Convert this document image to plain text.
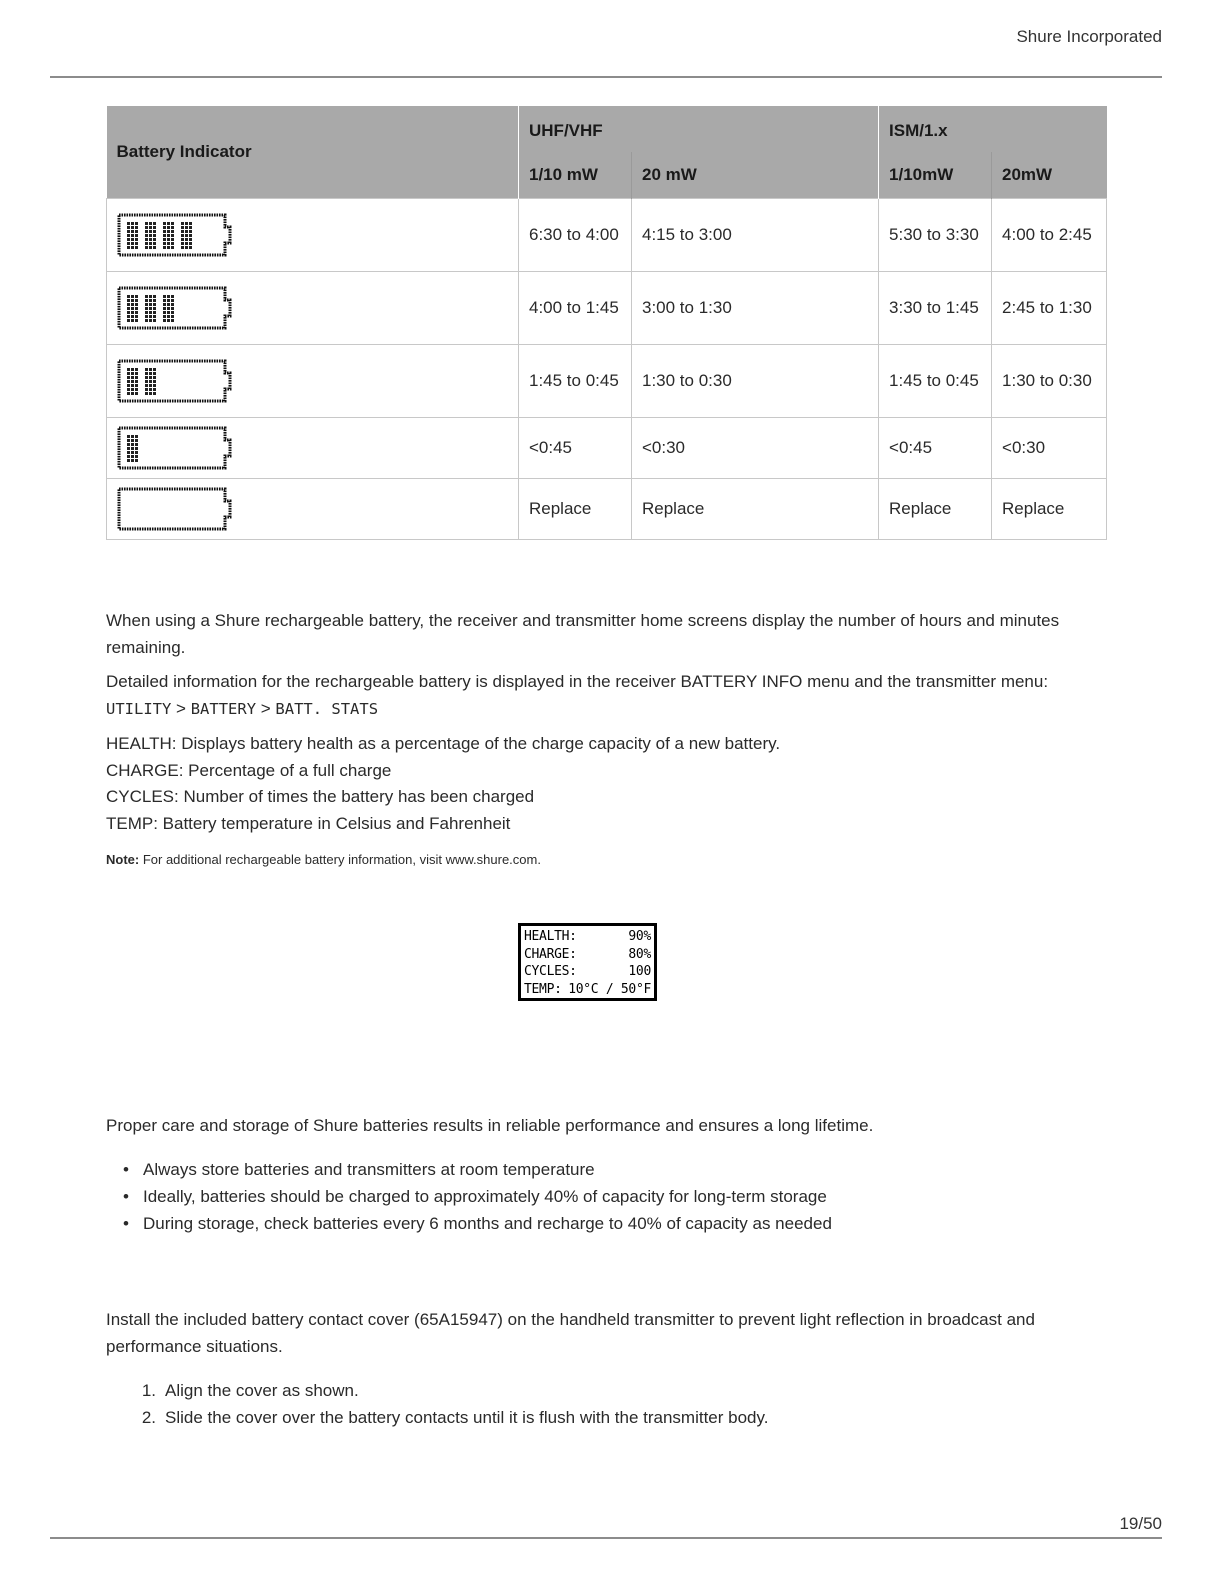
Shure Incorporated
Battery Indicator	UHF/VHF		ISM/1.x	
	1/10 mW	20 mW	1/10mW	20mW

	6:30 to 4:00	4:15 to 3:00	5:30 to 3:30	4:00 to 2:45

	4:00 to 1:45	3:00 to 1:30	3:30 to 1:45	2:45 to 1:30

	1:45 to 0:45	1:30 to 0:30	1:45 to 0:45	1:30 to 0:30

	<0:45	<0:30	<0:45	<0:30

	Replace	Replace	Replace	Replace

When using a Shure rechargeable battery, the receiver and transmitter home screens display the number of hours and minutes remaining.

Detailed information for the rechargeable battery is displayed in the receiver BATTERY INFO menu and the transmitter menu:
UTILITY > BATTERY > BATT. STATS
HEALTH: Displays battery health as a percentage of the charge capacity of a new battery.
CHARGE: Percentage of a full charge
CYCLES: Number of times the battery has been charged
TEMP: Battery temperature in Celsius and Fahrenheit
Note: For additional rechargeable battery information, visit www.shure.com.
HEALTH:	90%
CHARGE:	80%
CYCLES:	100
TEMP: 10°C / 50°F

Proper care and storage of Shure batteries results in reliable performance and ensures a long lifetime.

• Always store batteries and transmitters at room temperature
• Ideally, batteries should be charged to approximately 40% of capacity for long-term storage
• During storage, check batteries every 6 months and recharge to 40% of capacity as needed

Install the included battery contact cover (65A15947) on the handheld transmitter to prevent light reflection in broadcast and performance situations.

1. Align the cover as shown.
2. Slide the cover over the battery contacts until it is flush with the transmitter body.
19/50
